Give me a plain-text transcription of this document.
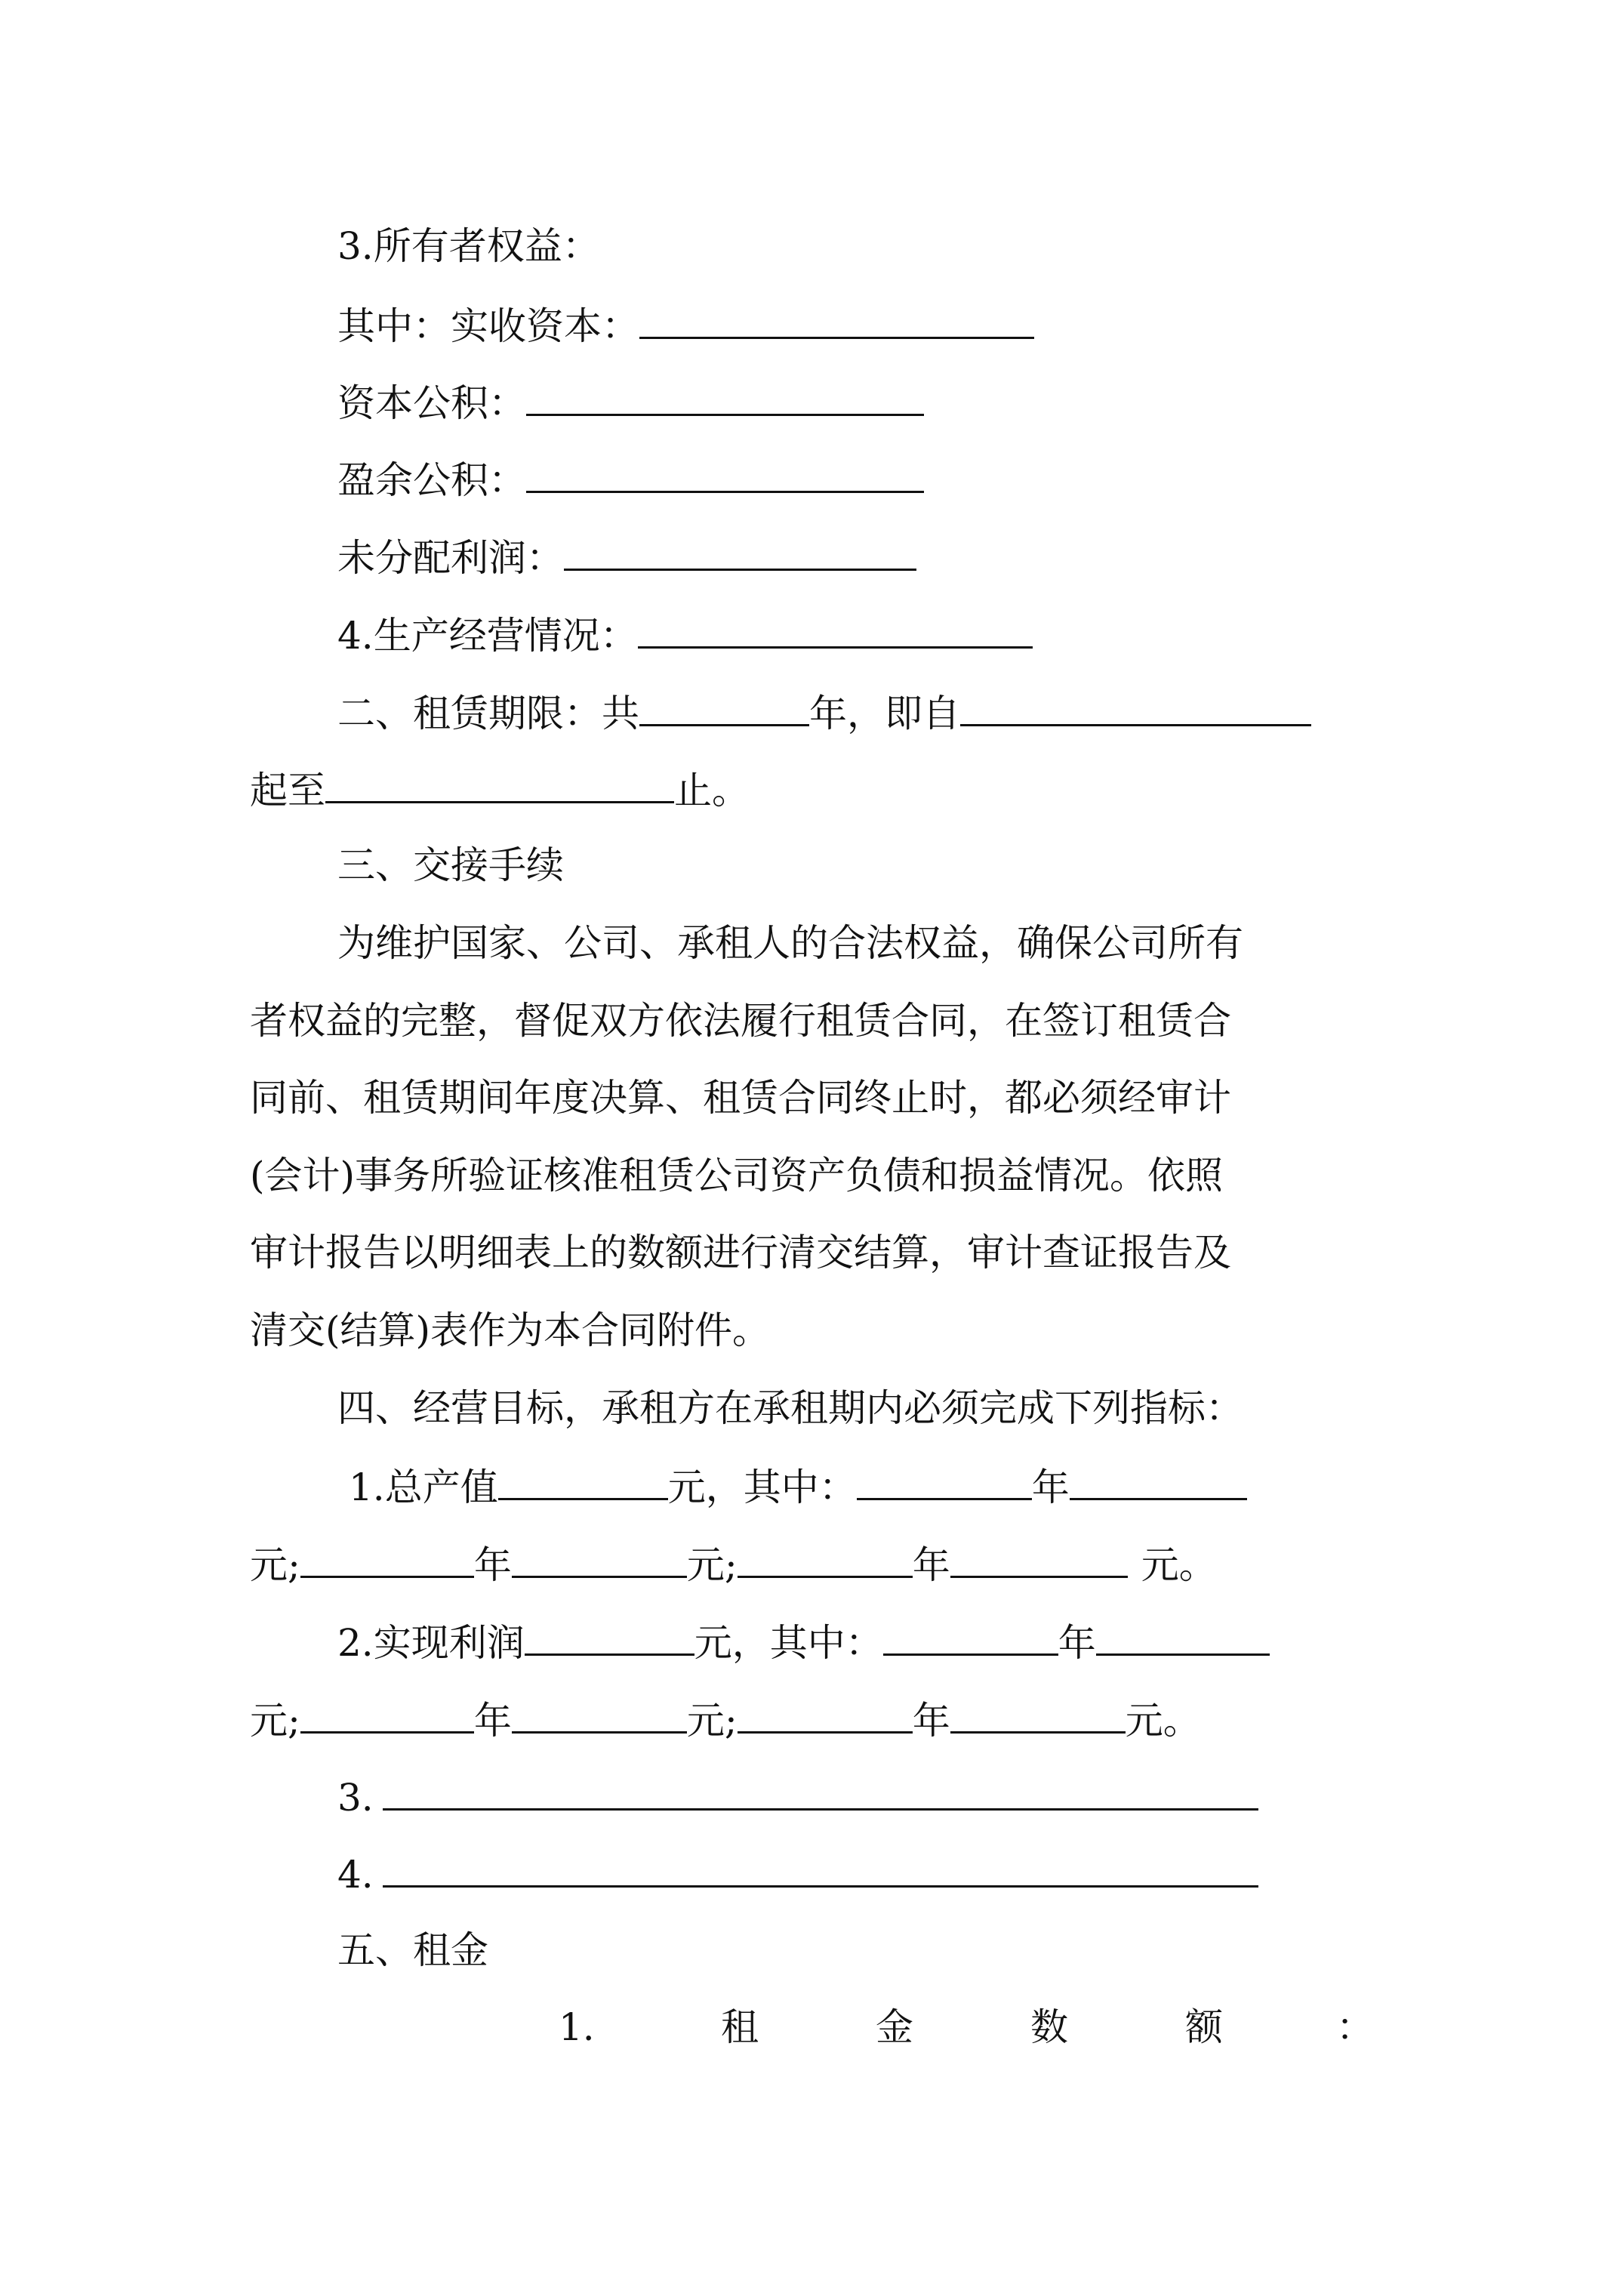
3.所有者权益：
其中：实收资本：
资本公积：
盈余公积：
未分配利润：
4.生产经营情况：
二、租赁期限：共	年，即自
起至	止。
三、交接手续
为维护国家、公司、承租人的合法权益，确保公司所有
者权益的完整，督促双方依法履行租赁合同，在签订租赁合
同前、租赁期间年度决算、租赁合同终止时，都必须经审计
(会计)事务所验证核准租赁公司资产负债和损益情况。依照
审计报告以明细表上的数额进行清交结算，审计查证报告及
清交(结算)表作为本合同附件。
四、经营目标，承租方在承租期内必须完成下列指标：
1.总产值	元，其中：	年
元;	年	元;	年	元。
2.实现利润	元，其中：	年
元;	年	元;	年	元。
3.
4.
五、租金
1.	租	金	数	额	：
